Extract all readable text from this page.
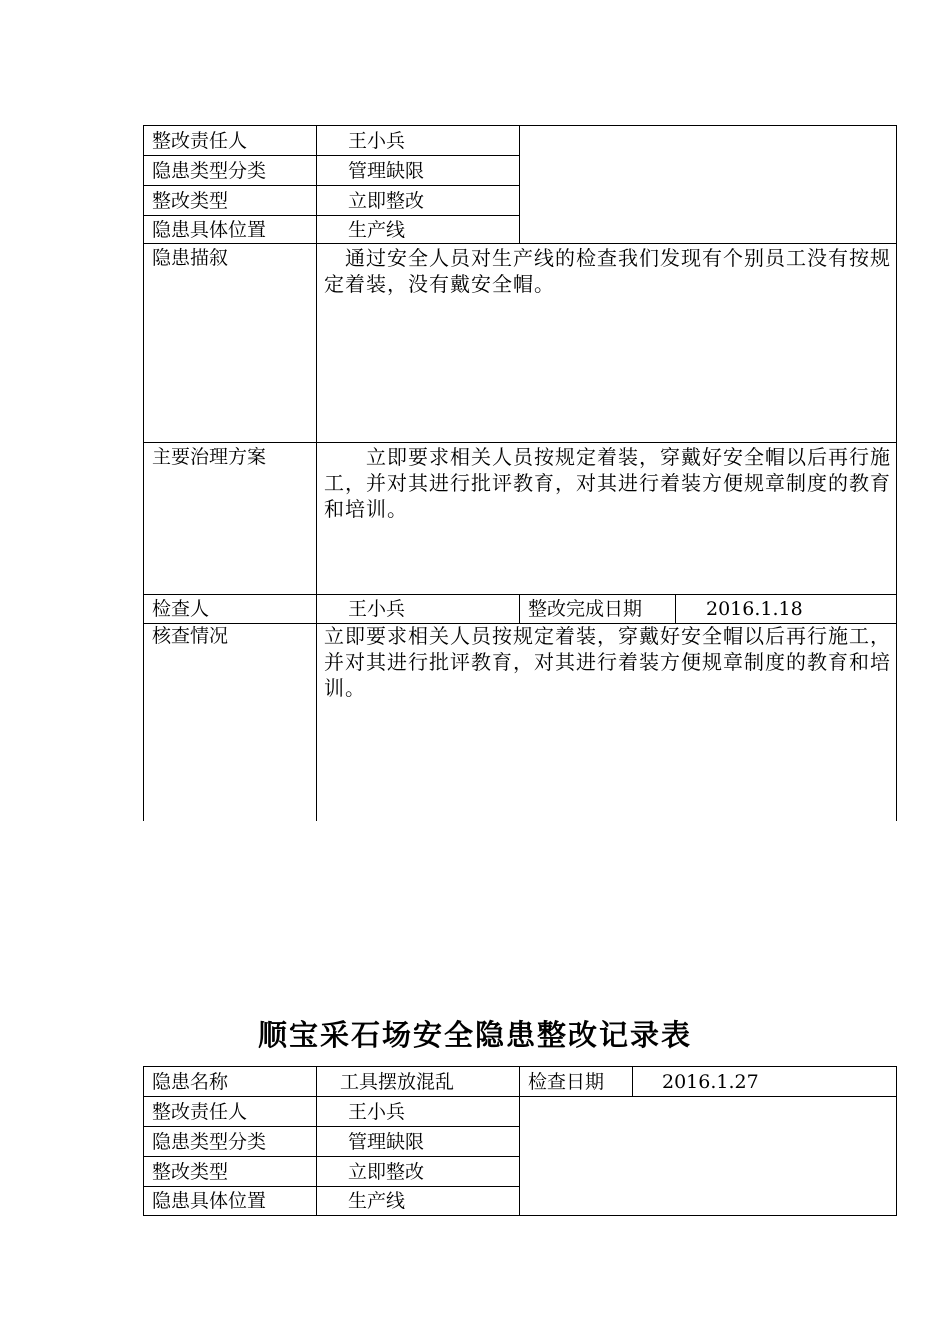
整改责任人	王小兵
隐患类型分类	管理缺限
整改类型	立即整改
隐患具体位置	生产线
隐患描叙	　通过安全人员对生产线的检查我们发现有个别员工没有按规定着装，没有戴安全帽。
主要治理方案	　　立即要求相关人员按规定着装，穿戴好安全帽以后再行施工，并对其进行批评教育，对其进行着装方便规章制度的教育和培训。
检查人	王小兵	整改完成日期	2016.1.18
核查情况	立即要求相关人员按规定着装，穿戴好安全帽以后再行施工，并对其进行批评教育，对其进行着装方便规章制度的教育和培训。
顺宝采石场安全隐患整改记录表
隐患名称	工具摆放混乱	检查日期	2016.1.27
整改责任人	王小兵
隐患类型分类	管理缺限
整改类型	立即整改
隐患具体位置	生产线
